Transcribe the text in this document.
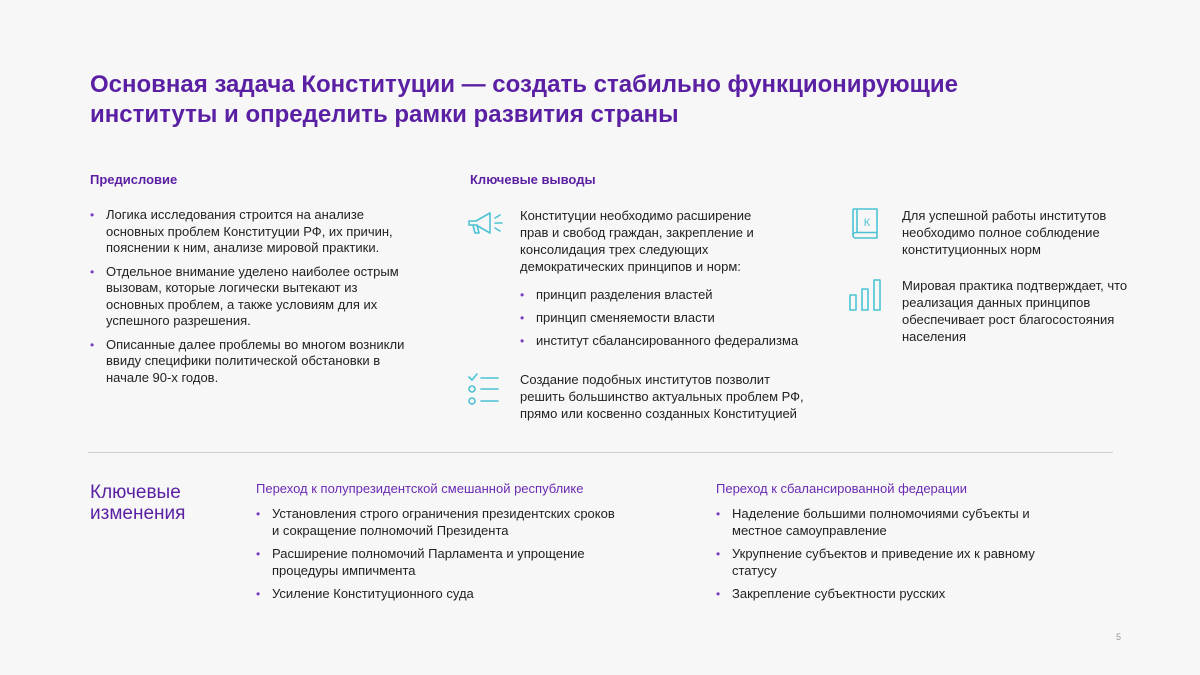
Основная задача Конституции — создать стабильно функционирующие институты и определить рамки развития страны
Предисловие
• Логика исследования строится на анализе основных проблем Конституции РФ, их причин, пояснении к ним, анализе мировой практики.
• Отдельное внимание уделено наиболее острым вызовам, которые логически вытекают из основных проблем, а также условиям для их успешного разрешения.
• Описанные далее проблемы во многом возникли ввиду специфики политической обстановки в начале 90-х годов.
Ключевые выводы
Конституции необходимо расширение прав и свобод граждан, закрепление и консолидация трех следующих демократических принципов и норм:
• принцип разделения властей
• принцип сменяемости власти
• институт сбалансированного федерализма
Создание подобных институтов позволит решить большинство актуальных проблем РФ, прямо или косвенно созданных Конституцией
К Для успешной работы институтов необходимо полное соблюдение конституционных норм
Мировая практика подтверждает, что реализация данных принципов обеспечивает рост благосостояния населения
Ключевые изменения
Переход к полупрезидентской смешанной республике
• Установления строго ограничения президентских сроков и сокращение полномочий Президента
• Расширение полномочий Парламента и упрощение процедуры импичмента
• Усиление Конституционного суда
Переход к сбалансированной федерации
• Наделение большими полномочиями субъекты и местное самоуправление
• Укрупнение субъектов и приведение их к равному статусу
• Закрепление субъектности русских
5
